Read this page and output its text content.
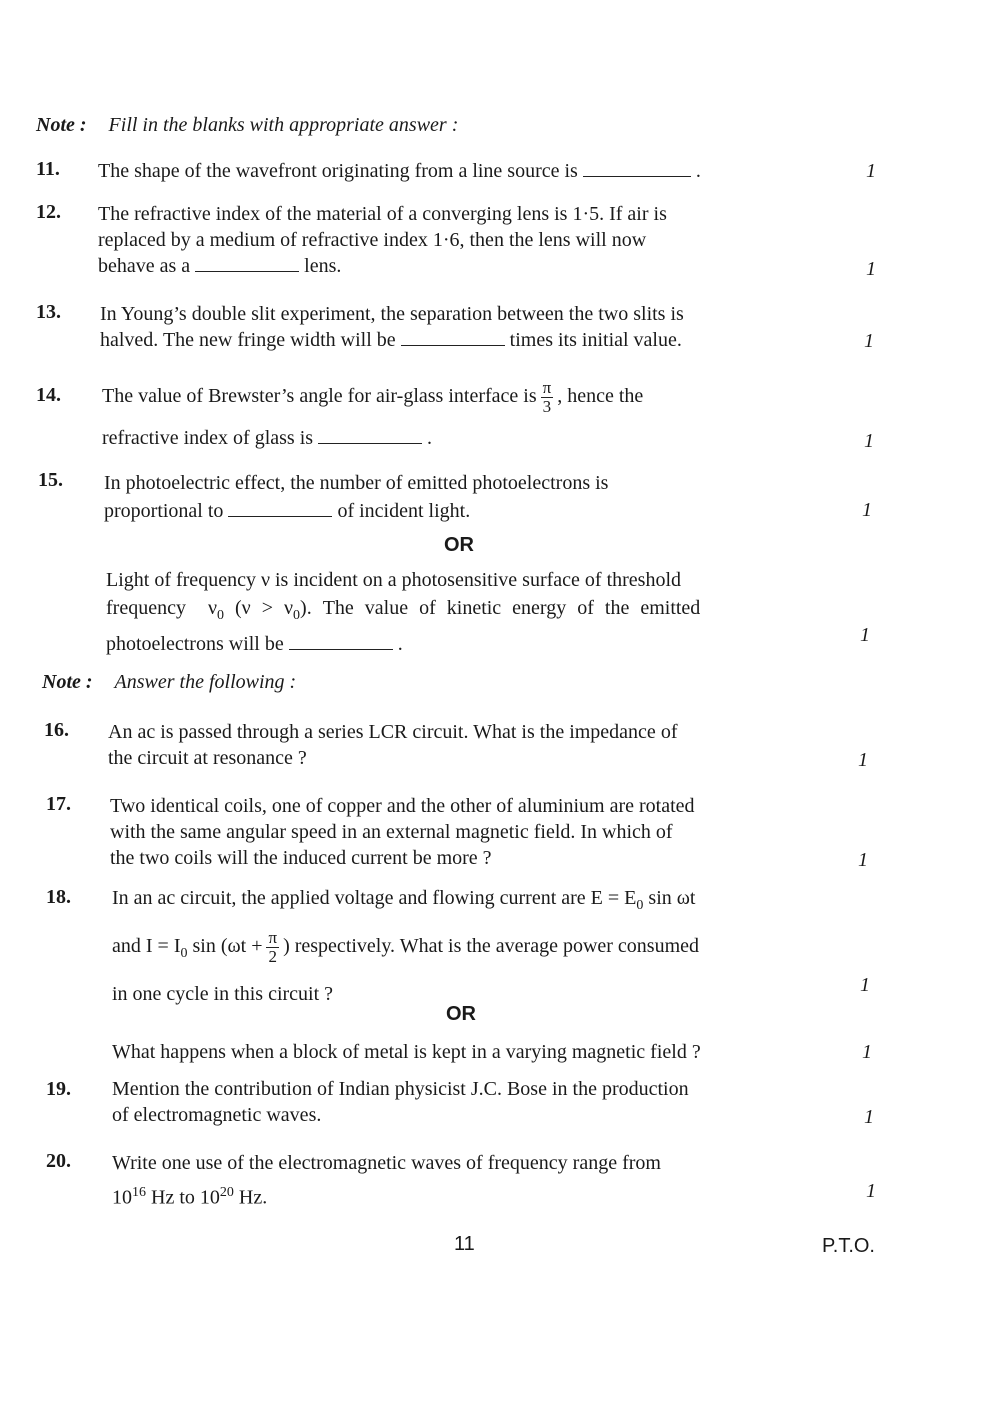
Note : Fill in the blanks with appropriate answer :
11. The shape of the wavefront originating from a line source is	.	1
12. The refractive index of the material of a converging lens is 1·5. If air is
replaced by a medium of refractive index 1·6, then the lens will now
behave as a	lens.	1
13. In Young’s double slit experiment, the separation between the two slits is
halved. The new fringe width will be	times its initial value.	1
14. The value of Brewster’s angle for air-glass interface is $\frac{\pi}{3}$ , hence the
refractive index of glass is	.	1
15. In photoelectric effect, the number of emitted photoelectrons is
proportional to	of incident light.	1
OR
Light of frequency ν is incident on a photosensitive surface of threshold
frequency $\nu_0$ $(\nu > \nu_0)$. The value of kinetic energy of the emitted
photoelectrons will be	.	1
Note : Answer the following :
16. An ac is passed through a series LCR circuit. What is the impedance of
the circuit at resonance ?	1
17. Two identical coils, one of copper and the other of aluminium are rotated
with the same angular speed in an external magnetic field. In which of
the two coils will the induced current be more ?	1
18. In an ac circuit, the applied voltage and flowing current are $E = E_0$ sin ωt
and $I = I_0$ $\sin (\omega t + \frac{\pi}{2}$ ) respectively. What is the average power consumed
in one cycle in this circuit ?	1
OR
What happens when a block of metal is kept in a varying magnetic field ?	1
19. Mention the contribution of Indian physicist J.C. Bose in the production
of electromagnetic waves.	1
20. Write one use of the electromagnetic waves of frequency range from
$10^{16}$ Hz to $10^{20}$ Hz.	1
11	P.T.O.
